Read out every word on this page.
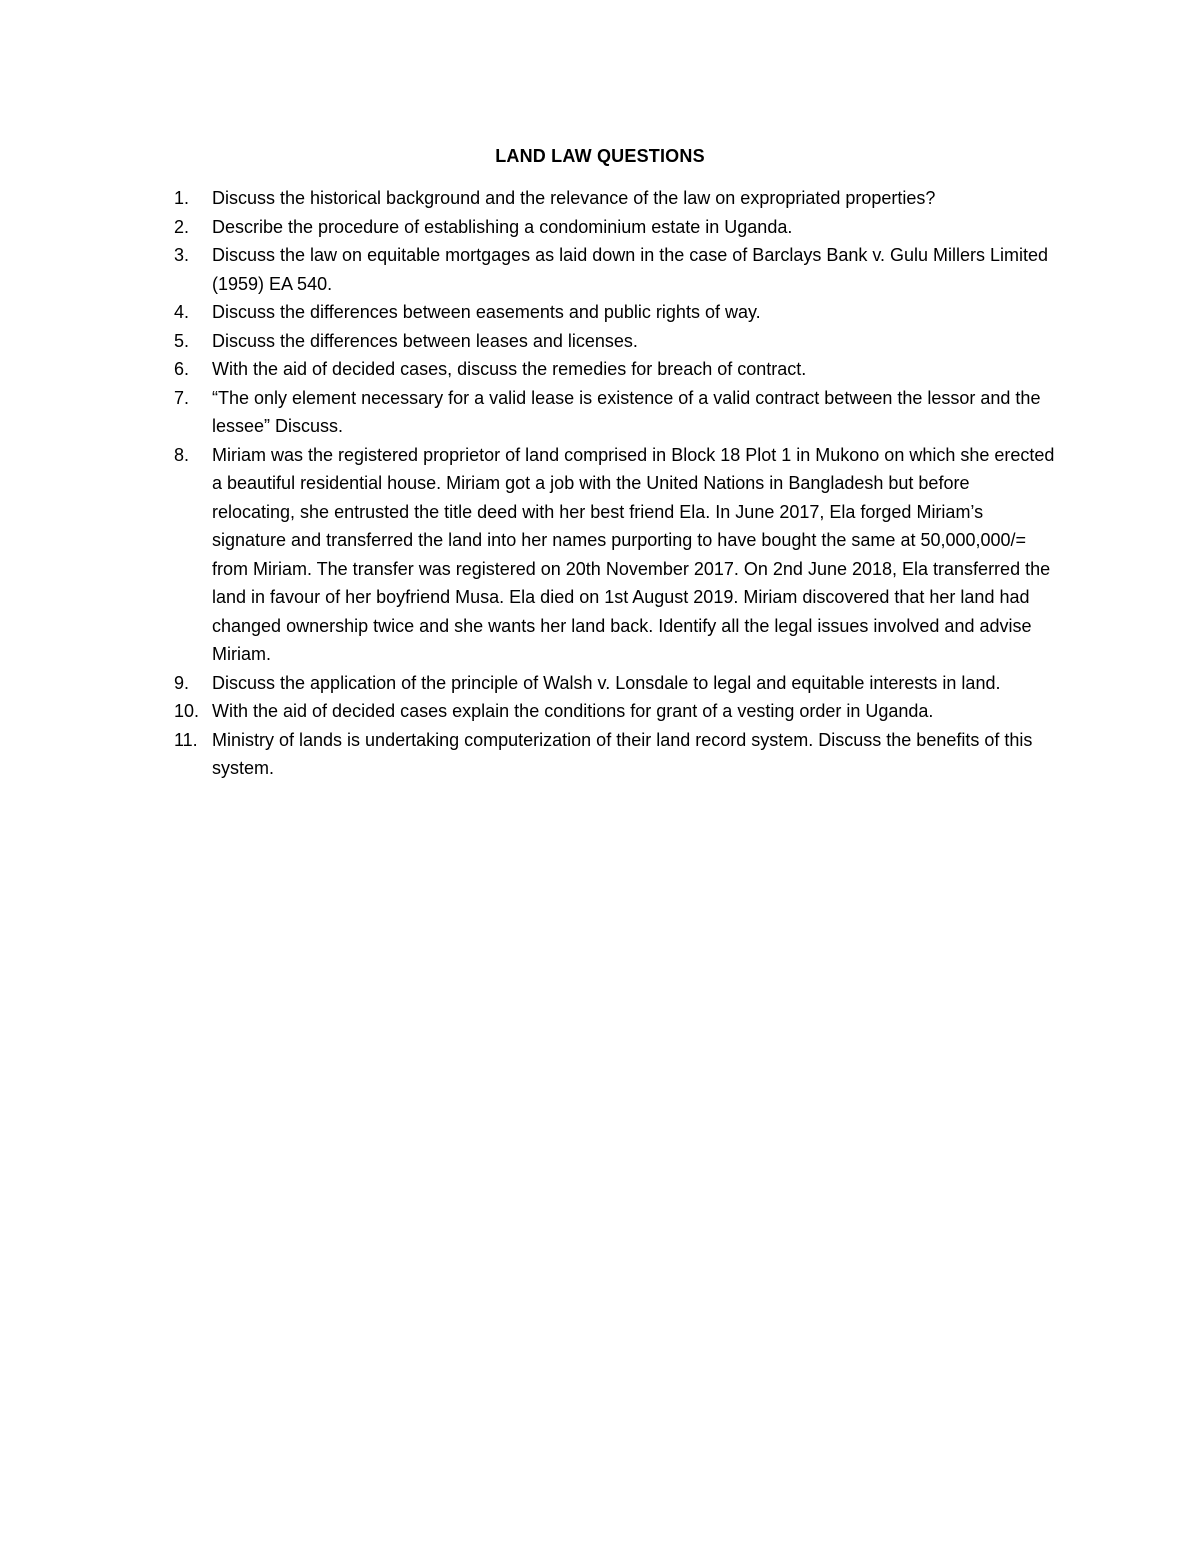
LAND LAW QUESTIONS
1. Discuss the historical background and the relevance of the law on expropriated properties?
2. Describe the procedure of establishing a condominium estate in Uganda.
3. Discuss the law on equitable mortgages as laid down in the case of Barclays Bank v. Gulu Millers Limited (1959) EA 540.
4. Discuss the differences between easements and public rights of way.
5. Discuss the differences between leases and licenses.
6. With the aid of decided cases, discuss the remedies for breach of contract.
7. “The only element necessary for a valid lease is existence of a valid contract between the lessor and the lessee” Discuss.
8. Miriam was the registered proprietor of land comprised in Block 18 Plot 1 in Mukono on which she erected a beautiful residential house. Miriam got a job with the United Nations in Bangladesh but before relocating, she entrusted the title deed with her best friend Ela. In June 2017, Ela forged Miriam’s signature and transferred the land into her names purporting to have bought the same at 50,000,000/= from Miriam. The transfer was registered on 20th November 2017. On 2nd June 2018, Ela transferred the land in favour of her boyfriend Musa. Ela died on 1st August 2019. Miriam discovered that her land had changed ownership twice and she wants her land back. Identify all the legal issues involved and advise Miriam.
9. Discuss the application of the principle of Walsh v. Lonsdale to legal and equitable interests in land.
10. With the aid of decided cases explain the conditions for grant of a vesting order in Uganda.
11. Ministry of lands is undertaking computerization of their land record system. Discuss the benefits of this system.
